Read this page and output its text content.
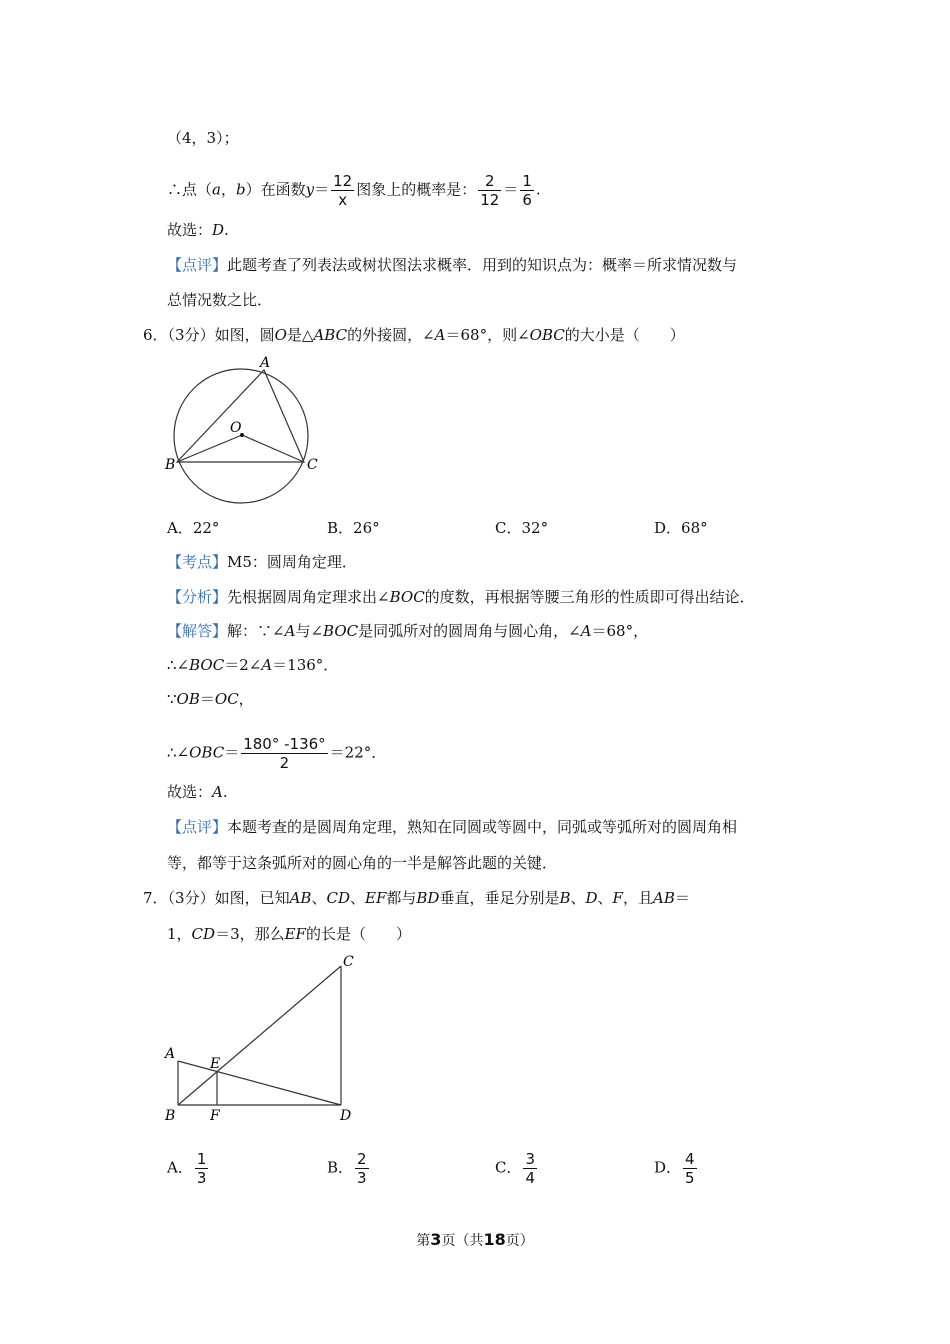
（4，3）；
∴点（a，b）在函数$y= \frac{12}{x}$ 图象上的概率是： $\frac{2}{12} = \frac{1}{6}$ .
故选：D.
【点评】此题考查了列表法或树状图法求概率．用到的知识点为：概率＝所求情况数与
总情况数之比．
6．（3分）如图，圆O是△ABC的外接圆，∠A＝68°，则∠OBC的大小是（　　）
A
O
B	C
A．22°	B．26°	C．32°	D．68°
【考点】M5：圆周角定理．
【分析】先根据圆周角定理求出∠BOC的度数，再根据等腰三角形的性质即可得出结论．
【解答】解：∵∠A与∠BOC是同弧所对的圆周角与圆心角，∠A＝68°，
∴∠BOC＝2∠A＝136°．
∵OB＝OC，
∴∠OBC＝ $\frac{180^\circ -136^\circ}{2} =22^\circ$．
故选：A.
【点评】本题考查的是圆周角定理，熟知在同圆或等圆中，同弧或等弧所对的圆周角相
等，都等于这条弧所对的圆心角的一半是解答此题的关键．
7．（3分）如图，已知AB、CD、EF都与BD垂直，垂足分别是B、D、F，且AB＝
1，CD＝3，那么EF的长是（　　）
C
A
E
B F	D
A． $\frac{1}{3}$	B． $\frac{2}{3}$	C． $\frac{3}{4}$	D． $\frac{4}{5}$
第3页（共18页）
